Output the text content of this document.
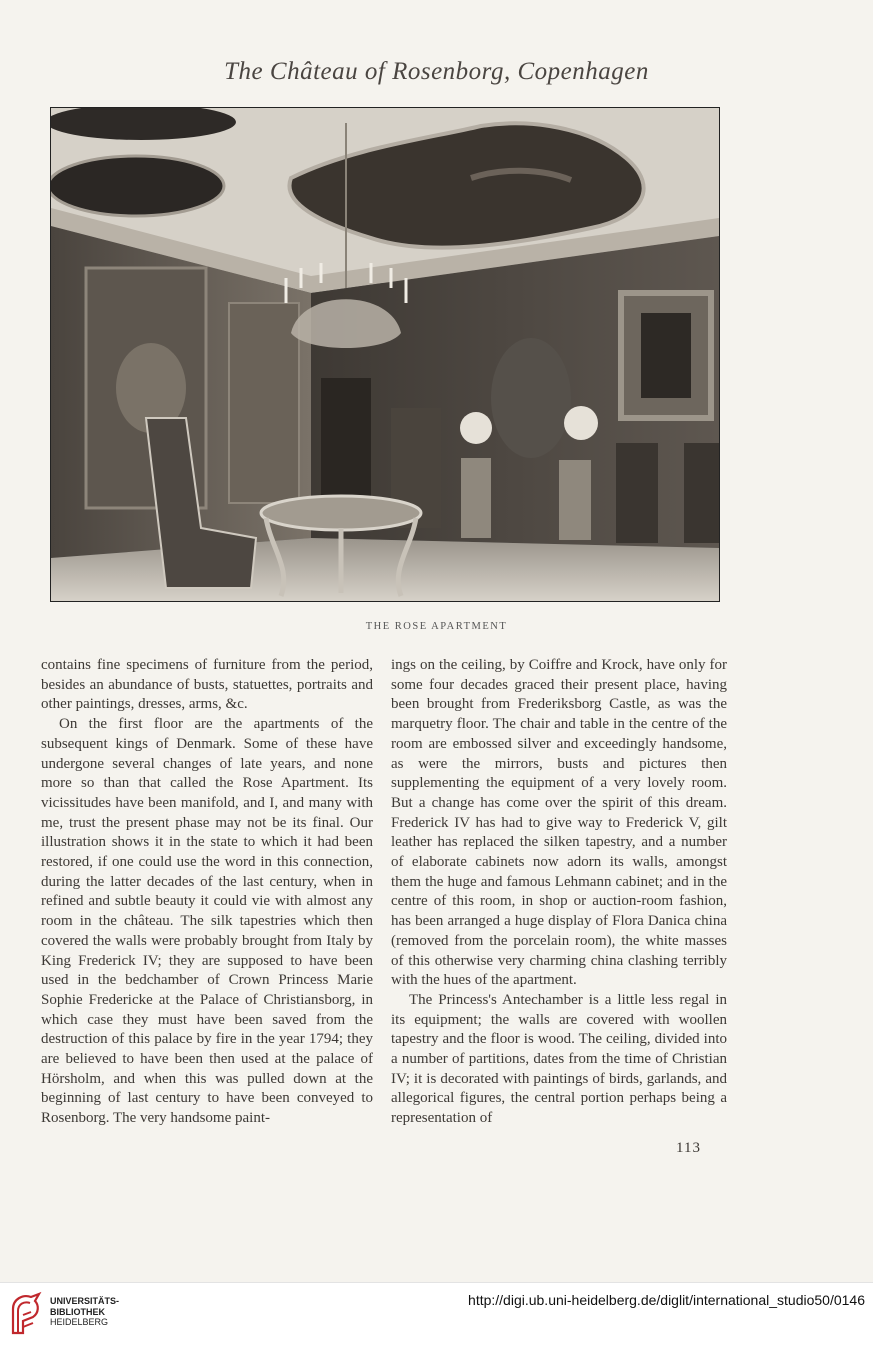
The Château of Rosenborg, Copenhagen
THE ROSE APARTMENT

contains fine specimens of furniture from the period, besides an abundance of busts, statuettes, portraits and other paintings, dresses, arms, &c.

On the first floor are the apartments of the subsequent kings of Denmark. Some of these have undergone several changes of late years, and none more so than that called the Rose Apartment. Its vicissitudes have been manifold, and I, and many with me, trust the present phase may not be its final. Our illustration shows it in the state to which it had been restored, if one could use the word in this connection, during the latter decades of the last century, when in refined and subtle beauty it could vie with almost any room in the château. The silk tapestries which then covered the walls were probably brought from Italy by King Frederick IV; they are supposed to have been used in the bedchamber of Crown Princess Marie Sophie Fredericke at the Palace of Christiansborg, in which case they must have been saved from the destruction of this palace by fire in the year 1794; they are believed to have been then used at the palace of Hörsholm, and when this was pulled down at the beginning of last century to have been conveyed to Rosenborg. The very handsome paint-

ings on the ceiling, by Coiffre and Krock, have only for some four decades graced their present place, having been brought from Frederiksborg Castle, as was the marquetry floor. The chair and table in the centre of the room are embossed silver and exceedingly handsome, as were the mirrors, busts and pictures then supplementing the equipment of a very lovely room. But a change has come over the spirit of this dream. Frederick IV has had to give way to Frederick V, gilt leather has replaced the silken tapestry, and a number of elaborate cabinets now adorn its walls, amongst them the huge and famous Lehmann cabinet; and in the centre of this room, in shop or auction-room fashion, has been arranged a huge display of Flora Danica china (removed from the porcelain room), the white masses of this otherwise very charming china clashing terribly with the hues of the apartment.

The Princess's Antechamber is a little less regal in its equipment; the walls are covered with woollen tapestry and the floor is wood. The ceiling, divided into a number of partitions, dates from the time of Christian IV; it is decorated with paintings of birds, garlands, and allegorical figures, the central portion perhaps being a representation of

113
UNIVERSITÄTS-
BIBLIOTHEK
HEIDELBERG
http://digi.ub.uni-heidelberg.de/diglit/international_studio50/0146
